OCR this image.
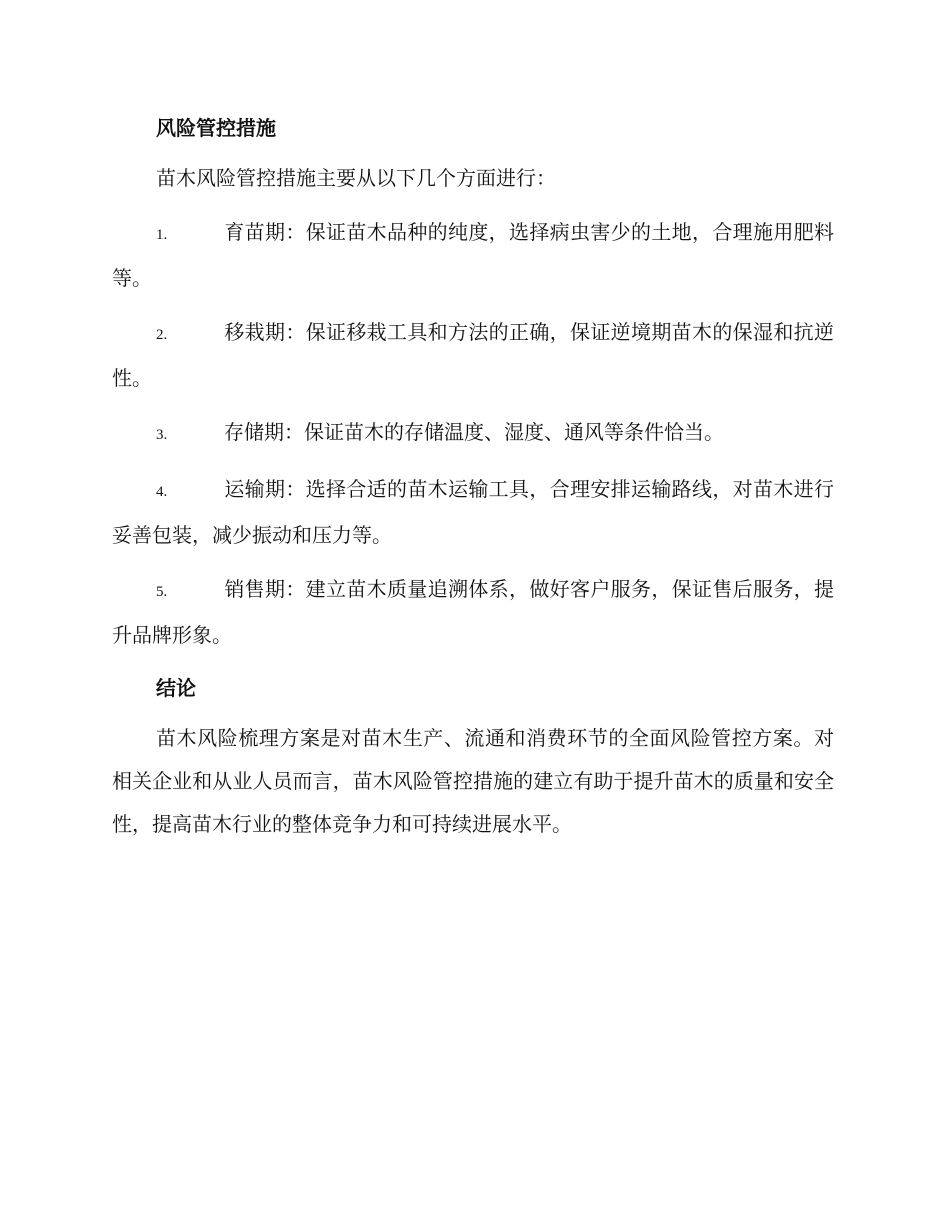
风险管控措施

苗木风险管控措施主要从以下几个方面进行：

1.	育苗期：保证苗木品种的纯度，选择病虫害少的土地，合理施用肥料等。

2.	移栽期：保证移栽工具和方法的正确，保证逆境期苗木的保湿和抗逆性。

3.	存储期：保证苗木的存储温度、湿度、通风等条件恰当。

4.	运输期：选择合适的苗木运输工具，合理安排运输路线，对苗木进行妥善包装，减少振动和压力等。

5.	销售期：建立苗木质量追溯体系，做好客户服务，保证售后服务，提升品牌形象。

结论

苗木风险梳理方案是对苗木生产、流通和消费环节的全面风险管控方案。对相关企业和从业人员而言，苗木风险管控措施的建立有助于提升苗木的质量和安全性，提高苗木行业的整体竞争力和可持续进展水平。
